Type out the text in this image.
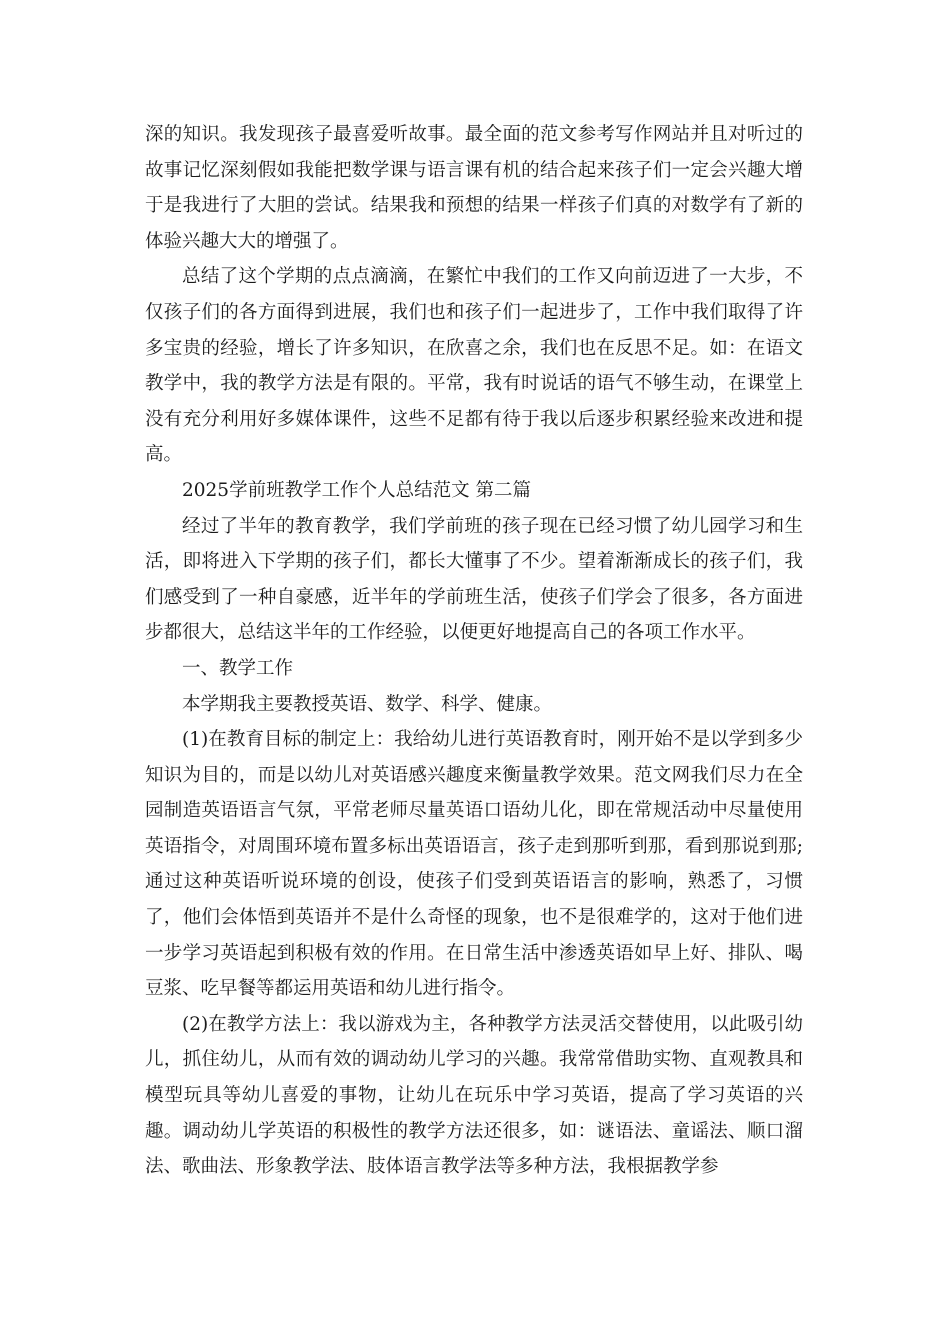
深的知识。我发现孩子最喜爱听故事。最全面的范文参考写作网站并且对听过的故事记忆深刻假如我能把数学课与语言课有机的结合起来孩子们一定会兴趣大增于是我进行了大胆的尝试。结果我和预想的结果一样孩子们真的对数学有了新的体验兴趣大大的增强了。

总结了这个学期的点点滴滴，在繁忙中我们的工作又向前迈进了一大步，不仅孩子们的各方面得到进展，我们也和孩子们一起进步了，工作中我们取得了许多宝贵的经验，增长了许多知识，在欣喜之余，我们也在反思不足。如：在语文教学中，我的教学方法是有限的。平常，我有时说话的语气不够生动，在课堂上没有充分利用好多媒体课件，这些不足都有待于我以后逐步积累经验来改进和提高。

2025学前班教学工作个人总结范文 第二篇

经过了半年的教育教学，我们学前班的孩子现在已经习惯了幼儿园学习和生活，即将进入下学期的孩子们，都长大懂事了不少。望着渐渐成长的孩子们，我们感受到了一种自豪感，近半年的学前班生活，使孩子们学会了很多，各方面进步都很大，总结这半年的工作经验，以便更好地提高自己的各项工作水平。

一、教学工作

本学期我主要教授英语、数学、科学、健康。

(1)在教育目标的制定上：我给幼儿进行英语教育时，刚开始不是以学到多少知识为目的，而是以幼儿对英语感兴趣度来衡量教学效果。范文网我们尽力在全园制造英语语言气氛，平常老师尽量英语口语幼儿化，即在常规活动中尽量使用英语指令，对周围环境布置多标出英语语言，孩子走到那听到那，看到那说到那;通过这种英语听说环境的创设，使孩子们受到英语语言的影响，熟悉了，习惯了，他们会体悟到英语并不是什么奇怪的现象，也不是很难学的，这对于他们进一步学习英语起到积极有效的作用。在日常生活中渗透英语如早上好、排队、喝豆浆、吃早餐等都运用英语和幼儿进行指令。

(2)在教学方法上：我以游戏为主，各种教学方法灵活交替使用，以此吸引幼儿，抓住幼儿，从而有效的调动幼儿学习的兴趣。我常常借助实物、直观教具和模型玩具等幼儿喜爱的事物，让幼儿在玩乐中学习英语，提高了学习英语的兴趣。调动幼儿学英语的积极性的教学方法还很多，如：谜语法、童谣法、顺口溜法、歌曲法、形象教学法、肢体语言教学法等多种方法，我根据教学参
